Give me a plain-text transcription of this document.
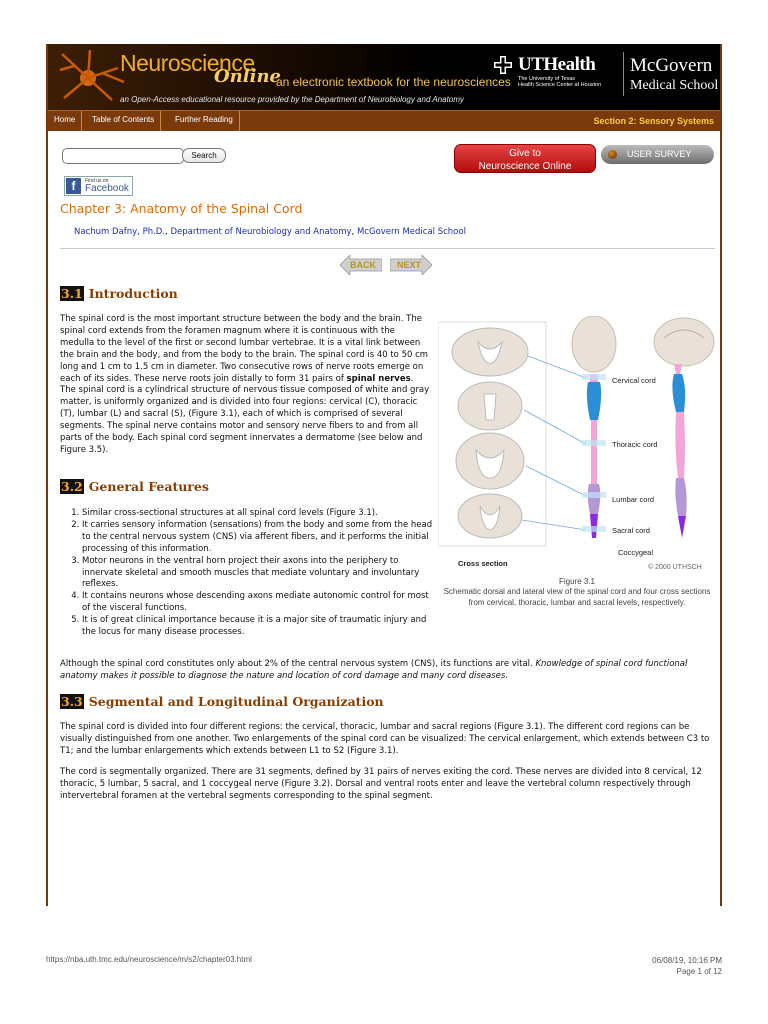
Neuroscience
Online
an electronic textbook for the neurosciences
an Open-Access educational resource provided by the Department of Neurobiology and Anatomy
UTHealth
The University of Texas
Health Science Center at Houston
McGovern
Medical School
Home	Table of Contents	Further Reading	Section 2: Sensory Systems
Search	Give to
Neuroscience Online
USER SURVEY
f	Find us on
Facebook
Chapter 3: Anatomy of the Spinal Cord
Nachum Dafny, Ph.D., Department of Neurobiology and Anatomy, McGovern Medical School
BACK NEXT
3.1 Introduction

The spinal cord is the most important structure between the body and the brain. The spinal cord extends from the foramen magnum where it is continuous with the medulla to the level of the first or second lumbar vertebrae. It is a vital link between the brain and the body, and from the body to the brain. The spinal cord is 40 to 50 cm long and 1 cm to 1.5 cm in diameter. Two consecutive rows of nerve roots emerge on each of its sides. These nerve roots join distally to form 31 pairs of spinal nerves. The spinal cord is a cylindrical structure of nervous tissue composed of white and gray matter, is uniformly organized and is divided into four regions: cervical (C), thoracic (T), lumbar (L) and sacral (S), (Figure 3.1), each of which is comprised of several segments. The spinal nerve contains motor and sensory nerve fibers to and from all parts of the body. Each spinal cord segment innervates a dermatome (see below and Figure 3.5).

3.2 General Features
1. Similar cross-sectional structures at all spinal cord levels (Figure 3.1).
2. It carries sensory information (sensations) from the body and some from the head to the central nervous system (CNS) via afferent fibers, and it performs the initial processing of this information.
3. Motor neurons in the ventral horn project their axons into the periphery to innervate skeletal and smooth muscles that mediate voluntary and involuntary reflexes.
4. It contains neurons whose descending axons mediate autonomic control for most of the visceral functions.
5. It is of great clinical importance because it is a major site of traumatic injury and the locus for many disease processes.
Cervical cord
Thoracic cord
Lumbar cord
Sacral cord
Coccygeal
Cross section	© 2000 UTHSCH
Figure 3.1
Schematic dorsal and lateral view of the spinal cord and four cross sections from cervical, thoracic, lumbar and sacral levels, respectively.

Although the spinal cord constitutes only about 2% of the central nervous system (CNS), its functions are vital. Knowledge of spinal cord functional anatomy makes it possible to diagnose the nature and location of cord damage and many cord diseases.

3.3 Segmental and Longitudinal Organization

The spinal cord is divided into four different regions: the cervical, thoracic, lumbar and sacral regions (Figure 3.1). The different cord regions can be visually distinguished from one another. Two enlargements of the spinal cord can be visualized: The cervical enlargement, which extends between C3 to T1; and the lumbar enlargements which extends between L1 to S2 (Figure 3.1).

The cord is segmentally organized. There are 31 segments, defined by 31 pairs of nerves exiting the cord. These nerves are divided into 8 cervical, 12 thoracic, 5 lumbar, 5 sacral, and 1 coccygeal nerve (Figure 3.2). Dorsal and ventral roots enter and leave the vertebral column respectively through intervertebral foramen at the vertebral segments corresponding to the spinal segment.

https://nba.uth.tmc.edu/neuroscience/m/s2/chapter03.html	06/08/19, 10:16 PM
Page 1 of 12
